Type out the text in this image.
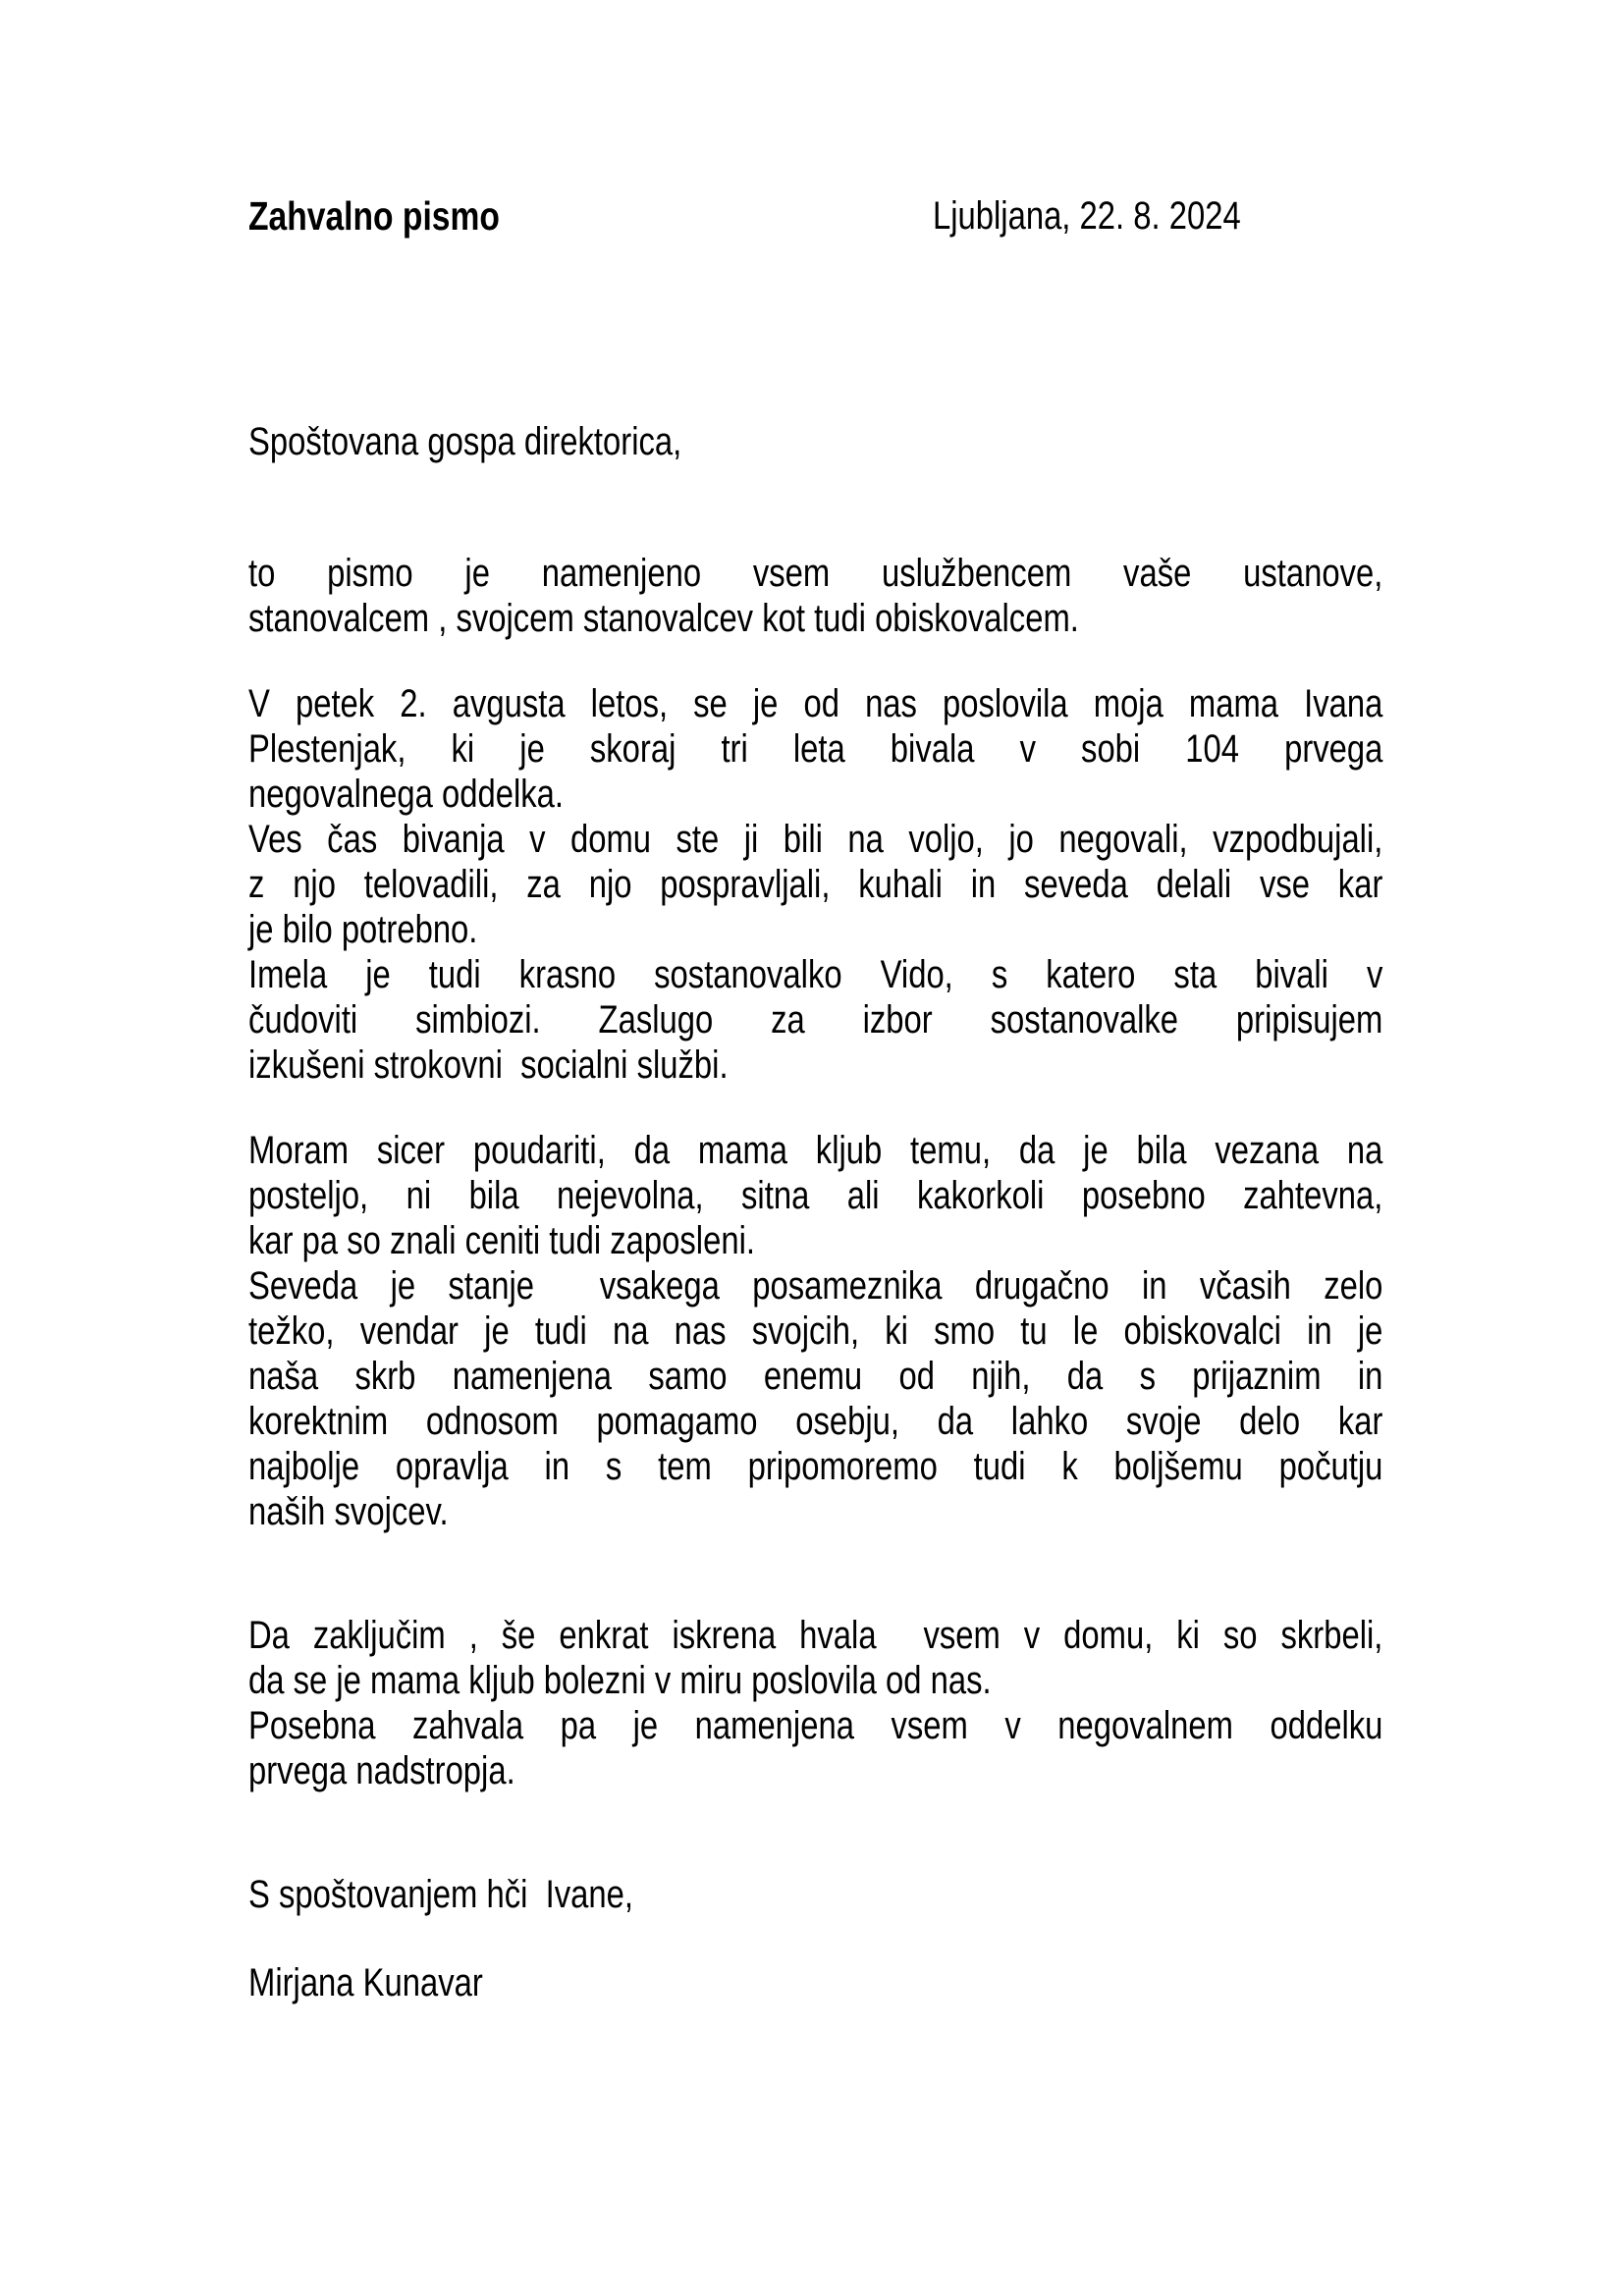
Zahvalno pismo	Ljubljana, 22. 8. 2024
Spoštovana gospa direktorica,
to pismo je namenjeno vsem uslužbencem vaše ustanove,
stanovalcem , svojcem stanovalcev kot tudi obiskovalcem.
V petek 2. avgusta letos, se je od nas poslovila moja mama Ivana
Plestenjak, ki je skoraj tri leta bivala v sobi 104 prvega
negovalnega oddelka.
Ves čas bivanja v domu ste ji bili na voljo, jo negovali, vzpodbujali,
z njo telovadili, za njo pospravljali, kuhali in seveda delali vse kar
je bilo potrebno.
Imela je tudi krasno sostanovalko Vido, s katero sta bivali v
čudoviti simbiozi. Zaslugo za izbor sostanovalke pripisujem
izkušeni strokovni  socialni službi.
Moram sicer poudariti, da mama kljub temu, da je bila vezana na
posteljo, ni bila nejevolna, sitna ali kakorkoli posebno zahtevna,
kar pa so znali ceniti tudi zaposleni.
Seveda je stanje  vsakega posameznika drugačno in včasih zelo
težko, vendar je tudi na nas svojcih, ki smo tu le obiskovalci in je
naša skrb namenjena samo enemu od njih, da s prijaznim in
korektnim odnosom pomagamo osebju, da lahko svoje delo kar
najbolje opravlja in s tem pripomoremo tudi k boljšemu počutju
naših svojcev.
Da zaključim , še enkrat iskrena hvala  vsem v domu, ki so skrbeli,
da se je mama kljub bolezni v miru poslovila od nas.
Posebna zahvala pa je namenjena vsem v negovalnem oddelku
prvega nadstropja.
S spoštovanjem hči  Ivane,
Mirjana Kunavar
